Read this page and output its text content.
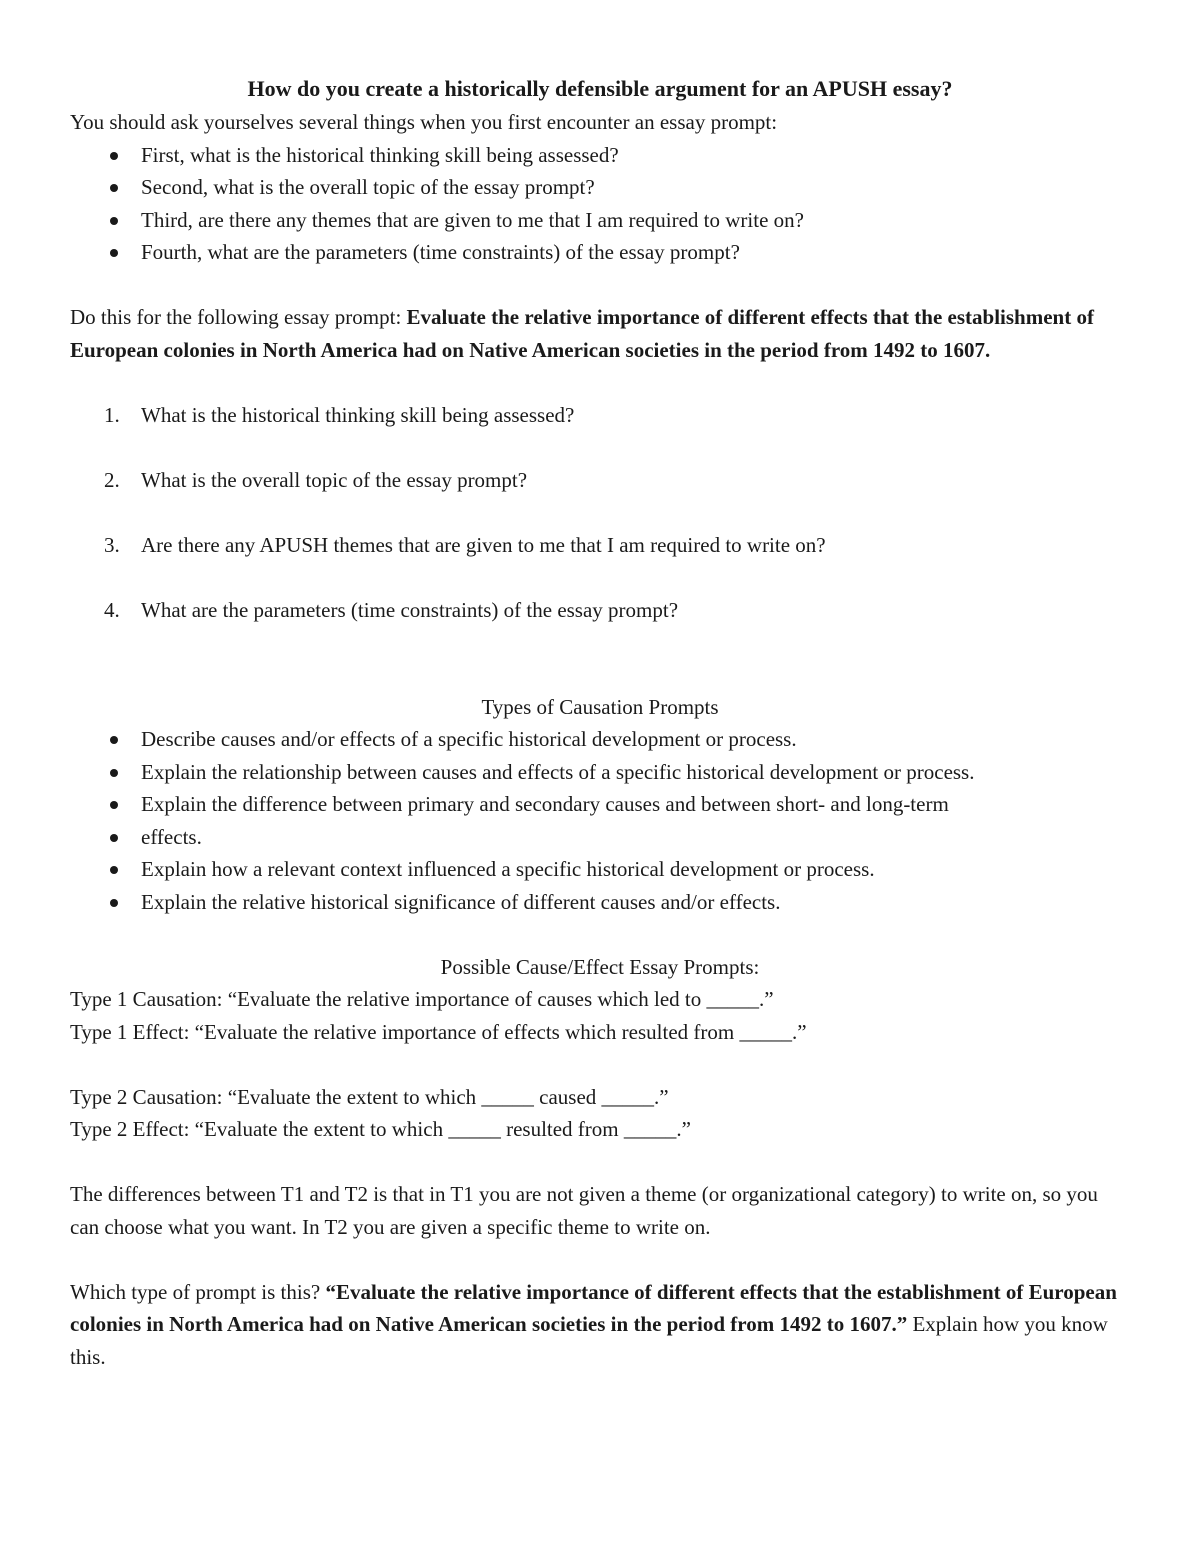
How do you create a historically defensible argument for an APUSH essay?

You should ask yourselves several things when you first encounter an essay prompt:

First, what is the historical thinking skill being assessed?
Second, what is the overall topic of the essay prompt?
Third, are there any themes that are given to me that I am required to write on?
Fourth, what are the parameters (time constraints) of the essay prompt?

Do this for the following essay prompt: Evaluate the relative importance of different effects that the establishment of European colonies in North America had on Native American societies in the period from 1492 to 1607.

1. What is the historical thinking skill being assessed?
2. What is the overall topic of the essay prompt?
3. Are there any APUSH themes that are given to me that I am required to write on?
4. What are the parameters (time constraints) of the essay prompt?

Types of Causation Prompts

Describe causes and/or effects of a specific historical development or process.
Explain the relationship between causes and effects of a specific historical development or process.
Explain the difference between primary and secondary causes and between short- and long-term
effects.
Explain how a relevant context influenced a specific historical development or process.
Explain the relative historical significance of different causes and/or effects.

Possible Cause/Effect Essay Prompts:

Type 1 Causation: “Evaluate the relative importance of causes which led to _____.”

Type 1 Effect: “Evaluate the relative importance of effects which resulted from _____.”

Type 2 Causation: “Evaluate the extent to which _____ caused _____.”

Type 2 Effect: “Evaluate the extent to which _____ resulted from _____.”

The differences between T1 and T2 is that in T1 you are not given a theme (or organizational category) to write on, so you can choose what you want. In T2 you are given a specific theme to write on.

Which type of prompt is this? “Evaluate the relative importance of different effects that the establishment of European colonies in North America had on Native American societies in the period from 1492 to 1607.” Explain how you know this.
